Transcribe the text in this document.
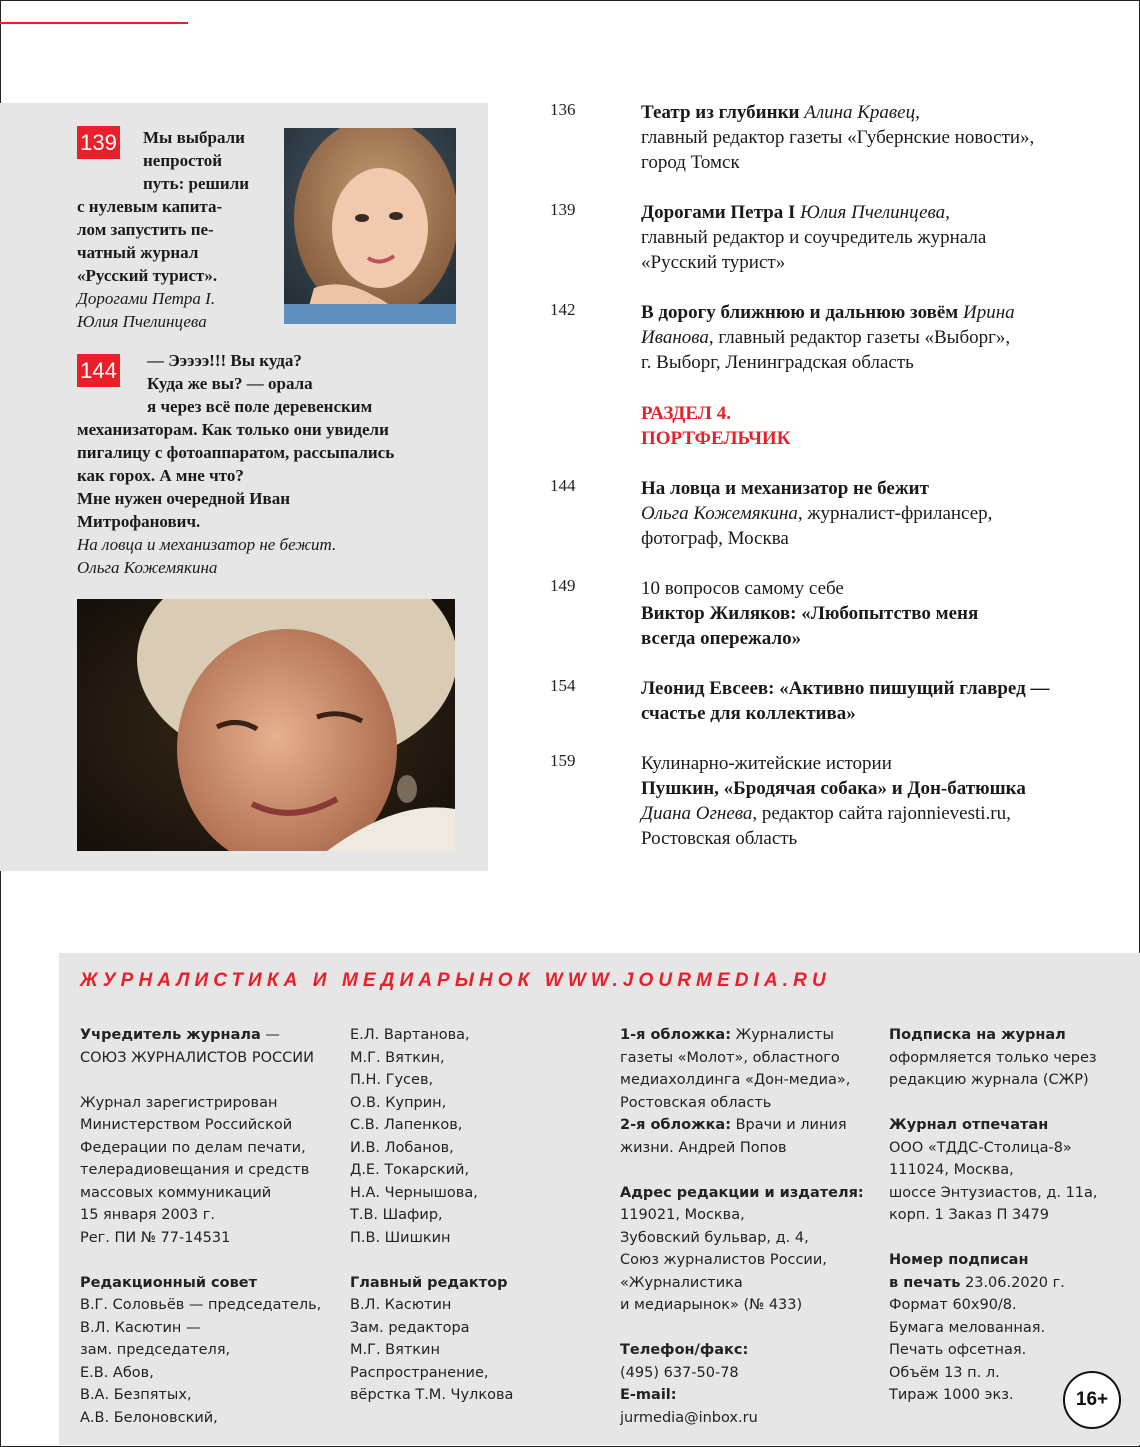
139	Мы выбрали
непростой
путь: решили
с нулевым капита-
лом запустить пе-
чатный журнал
«Русский турист».
Дорогами Петра I.
Юлия Пчелинцева
144	— Эээээ!!! Вы куда?
Куда же вы? — орала
я через всё поле деревенским
механизаторам. Как только они увидели
пигалицу с фотоаппаратом, рассыпались
как горох. А мне что?
Мне нужен очередной Иван
Митрофанович.
На ловца и механизатор не бежит.
Ольга Кожемякина
136	Театр из глубинки Алина Кравец,
главный редактор газеты «Губернские новости»,
город Томск
139	Дорогами Петра I Юлия Пчелинцева,
главный редактор и соучредитель журнала
«Русский турист»
142	В дорогу ближнюю и дальнюю зовём Ирина
Иванова, главный редактор газеты «Выборг»,
г. Выборг, Ленинградская область
144	На ловца и механизатор не бежит
Ольга Кожемякина, журналист-фрилансер,
фотограф, Москва
149	10 вопросов самому себе
Виктор Жиляков: «Любопытство меня
всегда опережало»
154	Леонид Евсеев: «Активно пишущий главред —
счастье для коллектива»
159	Кулинарно-житейские истории
Пушкин, «Бродячая собака» и Дон-батюшка
Диана Огнева, редактор сайта rajonnievesti.ru,
Ростовская область
РАЗДЕЛ 4.
ПОРТФЕЛЬЧИК
ЖУРНАЛИСТИКА И МЕДИАРЫНОК WWW.JOURMEDIA.RU
Учредитель журнала —
СОЮЗ ЖУРНАЛИСТОВ РОССИИ
Журнал зарегистрирован
Министерством Российской
Федерации по делам печати,
телерадиовещания и средств
массовых коммуникаций
15 января 2003 г.
Рег. ПИ № 77-14531
Редакционный совет
В.Г. Соловьёв — председатель,
В.Л. Касютин —
зам. председателя,
Е.В. Абов,
В.А. Безпятых,
А.В. Белоновский,
Е.Л. Вартанова,
М.Г. Вяткин,
П.Н. Гусев,
О.В. Куприн,
С.В. Лапенков,
И.В. Лобанов,
Д.Е. Токарский,
Н.А. Чернышова,
Т.В. Шафир,
П.В. Шишкин
Главный редактор
В.Л. Касютин
Зам. редактора
М.Г. Вяткин
Распространение,
вёрстка Т.М. Чулкова
1-я обложка: Журналисты
газеты «Молот», областного
медиахолдинга «Дон-медиа»,
Ростовская область
2-я обложка: Врачи и линия
жизни. Андрей Попов
Адрес редакции и издателя:
119021, Москва,
Зубовский бульвар, д. 4,
Союз журналистов России,
«Журналистика
и медиарынок» (№ 433)
Телефон/факс:
(495) 637-50-78
E-mail:
jurmedia@inbox.ru
Подписка на журнал
оформляется только через
редакцию журнала (СЖР)
Журнал отпечатан
ООО «ТДДС-Столица-8»
111024, Москва,
шоссе Энтузиастов, д. 11а,
корп. 1 Заказ П 3479
Номер подписан
в печать 23.06.2020 г.
Формат 60х90/8.
Бумага мелованная.
Печать офсетная.
Объём 13 п. л.
Тираж 1000 экз.	16+
